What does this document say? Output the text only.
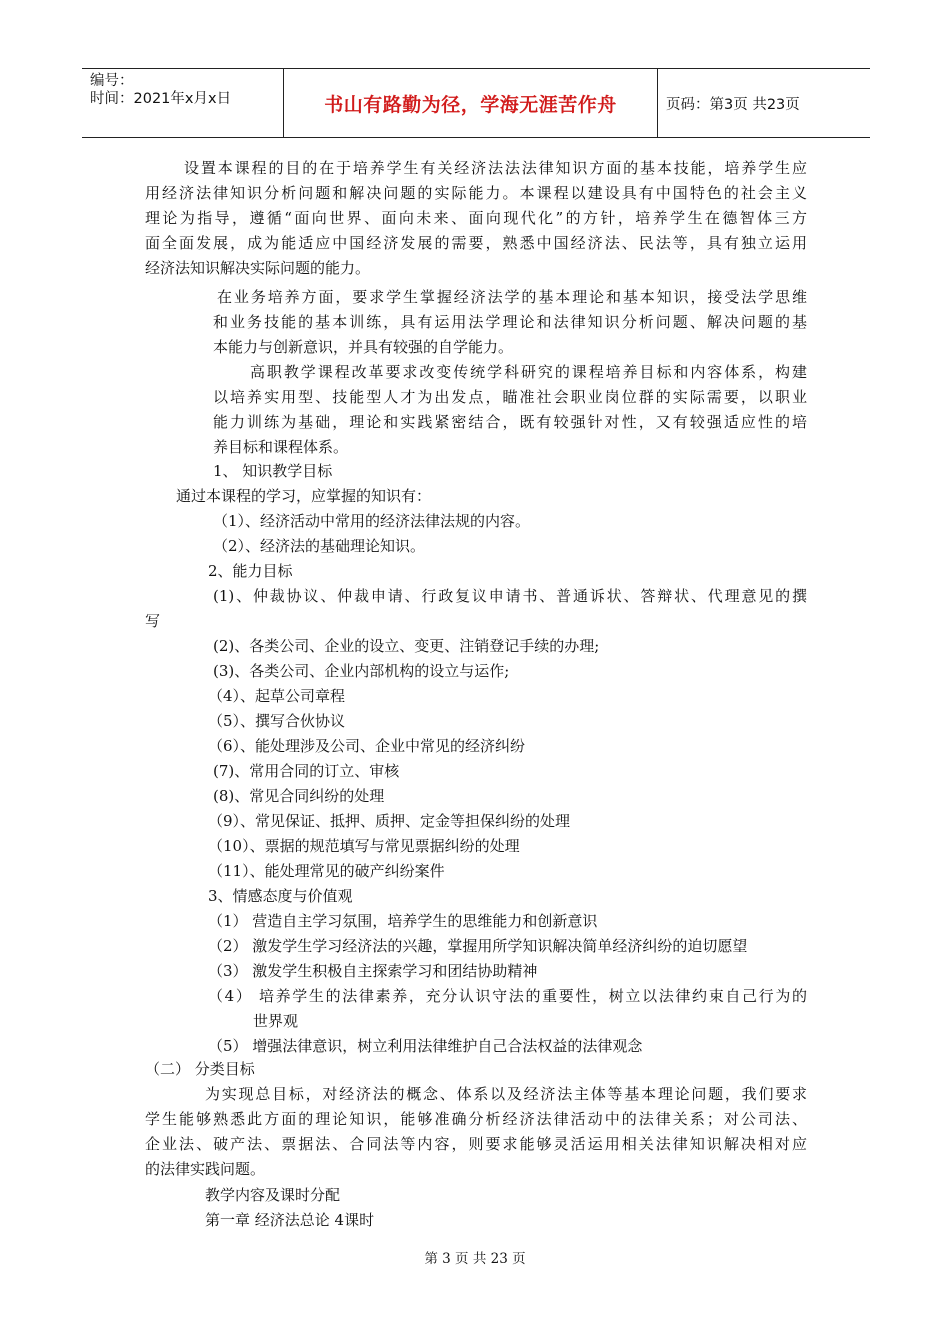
编号：
时间：2021年x月x日	书山有路勤为径，学海无涯苦作舟	页码：第3页 共23页
设置本课程的目的在于培养学生有关经济法法法律知识方面的基本技能，培养学生应
用经济法律知识分析问题和解决问题的实际能力。本课程以建设具有中国特色的社会主义
理论为指导，遵循“面向世界、面向未来、面向现代化”的方针，培养学生在德智体三方
面全面发展，成为能适应中国经济发展的需要，熟悉中国经济法、民法等，具有独立运用
经济法知识解决实际问题的能力。
在业务培养方面，要求学生掌握经济法学的基本理论和基本知识，接受法学思维
和业务技能的基本训练，具有运用法学理论和法律知识分析问题、解决问题的基
本能力与创新意识，并具有较强的自学能力。
高职教学课程改革要求改变传统学科研究的课程培养目标和内容体系，构建
以培养实用型、技能型人才为出发点，瞄准社会职业岗位群的实际需要，以职业
能力训练为基础，理论和实践紧密结合，既有较强针对性，又有较强适应性的培
养目标和课程体系。
1、 知识教学目标
通过本课程的学习，应掌握的知识有：
（1）、经济活动中常用的经济法律法规的内容。
（2）、经济法的基础理论知识。
2、能力目标
(1)、仲裁协议、仲裁申请、行政复议申请书、普通诉状、答辩状、代理意见的撰
写
(2)、各类公司、企业的设立、变更、注销登记手续的办理;
(3)、各类公司、企业内部机构的设立与运作;
（4）、起草公司章程
（5）、撰写合伙协议
（6）、能处理涉及公司、企业中常见的经济纠纷
(7)、常用合同的订立、审核
(8)、常见合同纠纷的处理
（9）、常见保证、抵押、质押、定金等担保纠纷的处理
（10）、票据的规范填写与常见票据纠纷的处理
（11）、能处理常见的破产纠纷案件
3、情感态度与价值观
（1） 营造自主学习氛围，培养学生的思维能力和创新意识
（2） 激发学生学习经济法的兴趣，掌握用所学知识解决简单经济纠纷的迫切愿望
（3） 激发学生积极自主探索学习和团结协助精神
（4） 培养学生的法律素养，充分认识守法的重要性，树立以法律约束自己行为的
世界观
（5） 增强法律意识，树立利用法律维护自己合法权益的法律观念
（二） 分类目标
为实现总目标，对经济法的概念、体系以及经济法主体等基本理论问题，我们要求
学生能够熟悉此方面的理论知识，能够准确分析经济法律活动中的法律关系；对公司法、
企业法、破产法、票据法、合同法等内容，则要求能够灵活运用相关法律知识解决相对应
的法律实践问题。
教学内容及课时分配
第一章 经济法总论 4课时
第 3 页 共 23 页
